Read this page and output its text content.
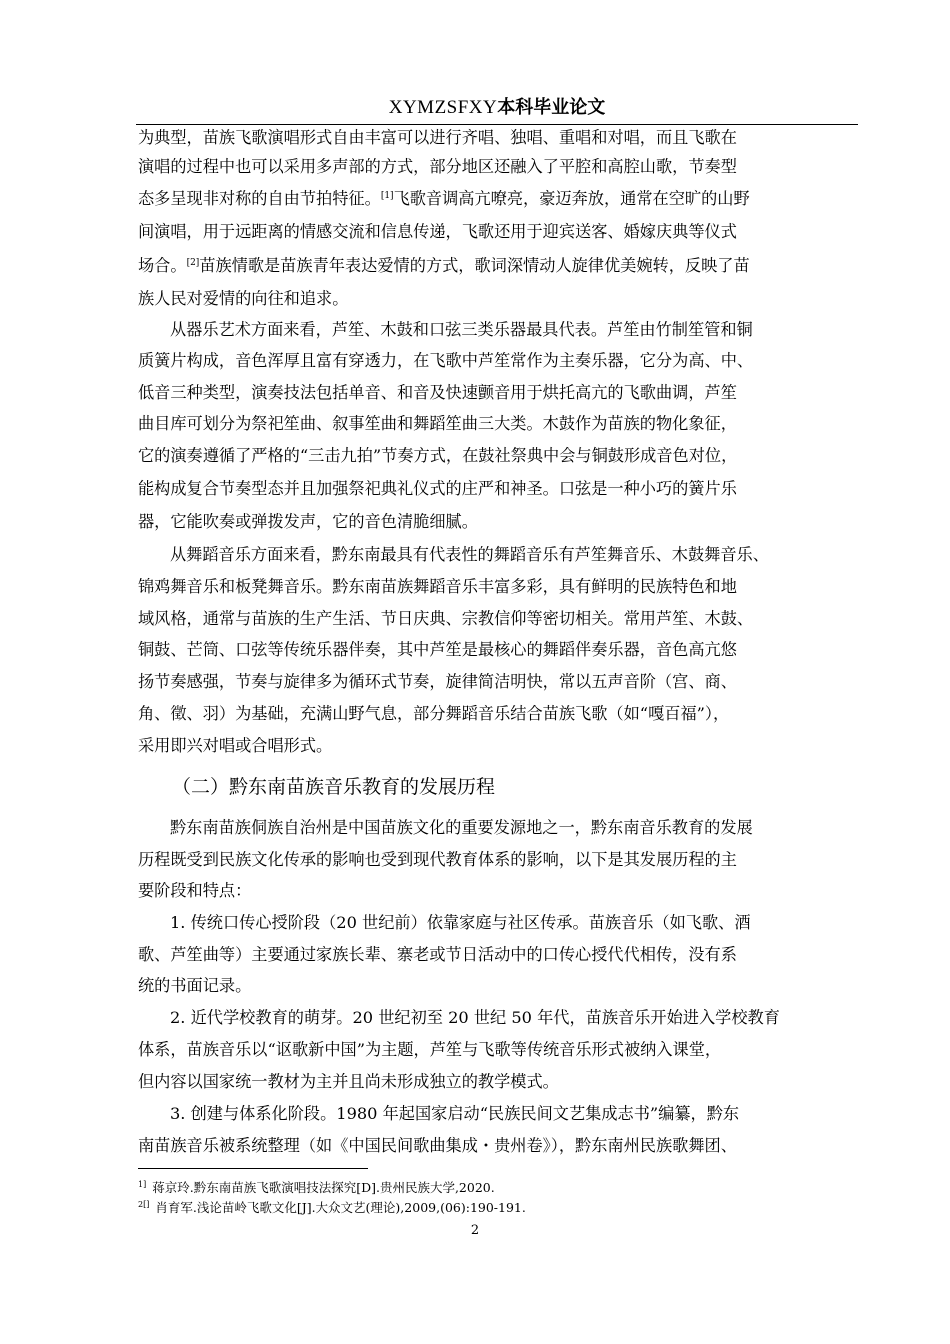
XYMZSFXY本科毕业论文
为典型，苗族飞歌演唱形式自由丰富可以进行齐唱、独唱、重唱和对唱，而且飞歌在
演唱的过程中也可以采用多声部的方式，部分地区还融入了平腔和高腔山歌，节奏型
态多呈现非对称的自由节拍特征。[1]飞歌音调高亢嘹亮，豪迈奔放，通常在空旷的山野
间演唱，用于远距离的情感交流和信息传递，飞歌还用于迎宾送客、婚嫁庆典等仪式
场合。[2]苗族情歌是苗族青年表达爱情的方式，歌词深情动人旋律优美婉转，反映了苗
族人民对爱情的向往和追求。
从器乐艺术方面来看，芦笙、木鼓和口弦三类乐器最具代表。芦笙由竹制笙管和铜
质簧片构成，音色浑厚且富有穿透力，在飞歌中芦笙常作为主奏乐器，它分为高、中、
低音三种类型，演奏技法包括单音、和音及快速颤音用于烘托高亢的飞歌曲调，芦笙
曲目库可划分为祭祀笙曲、叙事笙曲和舞蹈笙曲三大类。木鼓作为苗族的物化象征，
它的演奏遵循了严格的“三击九拍”节奏方式，在鼓社祭典中会与铜鼓形成音色对位，
能构成复合节奏型态并且加强祭祀典礼仪式的庄严和神圣。口弦是一种小巧的簧片乐
器，它能吹奏或弹拨发声，它的音色清脆细腻。
从舞蹈音乐方面来看，黔东南最具有代表性的舞蹈音乐有芦笙舞音乐、木鼓舞音乐、
锦鸡舞音乐和板凳舞音乐。黔东南苗族舞蹈音乐丰富多彩，具有鲜明的民族特色和地
域风格，通常与苗族的生产生活、节日庆典、宗教信仰等密切相关。常用芦笙、木鼓、
铜鼓、芒筒、口弦等传统乐器伴奏，其中芦笙是最核心的舞蹈伴奏乐器，音色高亢悠
扬节奏感强，节奏与旋律多为循环式节奏，旋律简洁明快，常以五声音阶（宫、商、
角、徵、羽）为基础，充满山野气息，部分舞蹈音乐结合苗族飞歌（如“嘎百福”），
采用即兴对唱或合唱形式。
（二）黔东南苗族音乐教育的发展历程
黔东南苗族侗族自治州是中国苗族文化的重要发源地之一，黔东南音乐教育的发展
历程既受到民族文化传承的影响也受到现代教育体系的影响，以下是其发展历程的主
要阶段和特点：
1. 传统口传心授阶段（20 世纪前）依靠家庭与社区传承。苗族音乐（如飞歌、酒
歌、芦笙曲等）主要通过家族长辈、寨老或节日活动中的口传心授代代相传，没有系
统的书面记录。
2. 近代学校教育的萌芽。20 世纪初至 20 世纪 50 年代，苗族音乐开始进入学校教育
体系，苗族音乐以“讴歌新中国”为主题，芦笙与飞歌等传统音乐形式被纳入课堂，
但内容以国家统一教材为主并且尚未形成独立的教学模式。
3. 创建与体系化阶段。1980 年起国家启动“民族民间文艺集成志书”编纂，黔东
南苗族音乐被系统整理（如《中国民间歌曲集成・贵州卷》），黔东南州民族歌舞团、
$^{1]}$ 蒋京玲.黔东南苗族飞歌演唱技法探究[D].贵州民族大学,2020.
$^{2[]}$ 肖育军.浅论苗岭飞歌文化[J].大众文艺(理论),2009,(06):190-191.
2
